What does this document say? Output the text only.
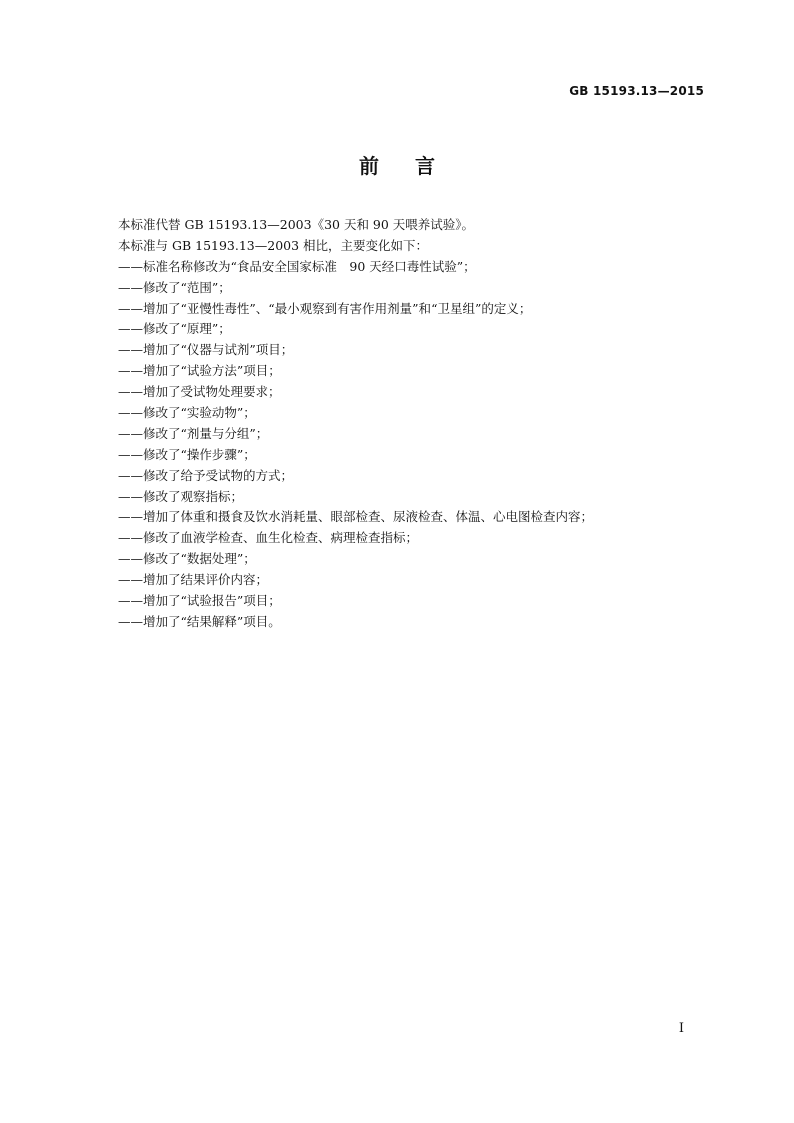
GB 15193.13—2015
前言
本标准代替 GB 15193.13—2003《30 天和 90 天喂养试验》。
本标准与 GB 15193.13—2003 相比，主要变化如下：
——标准名称修改为“食品安全国家标准　90 天经口毒性试验”；
——修改了“范围”；
——增加了“亚慢性毒性”、“最小观察到有害作用剂量”和“卫星组”的定义；
——修改了“原理”；
——增加了“仪器与试剂”项目；
——增加了“试验方法”项目；
——增加了受试物处理要求；
——修改了“实验动物”；
——修改了“剂量与分组”；
——修改了“操作步骤”；
——修改了给予受试物的方式；
——修改了观察指标；
——增加了体重和摄食及饮水消耗量、眼部检查、尿液检查、体温、心电图检查内容；
——修改了血液学检查、血生化检查、病理检查指标；
——修改了“数据处理”；
——增加了结果评价内容；
——增加了“试验报告”项目；
——增加了“结果解释”项目。
I
